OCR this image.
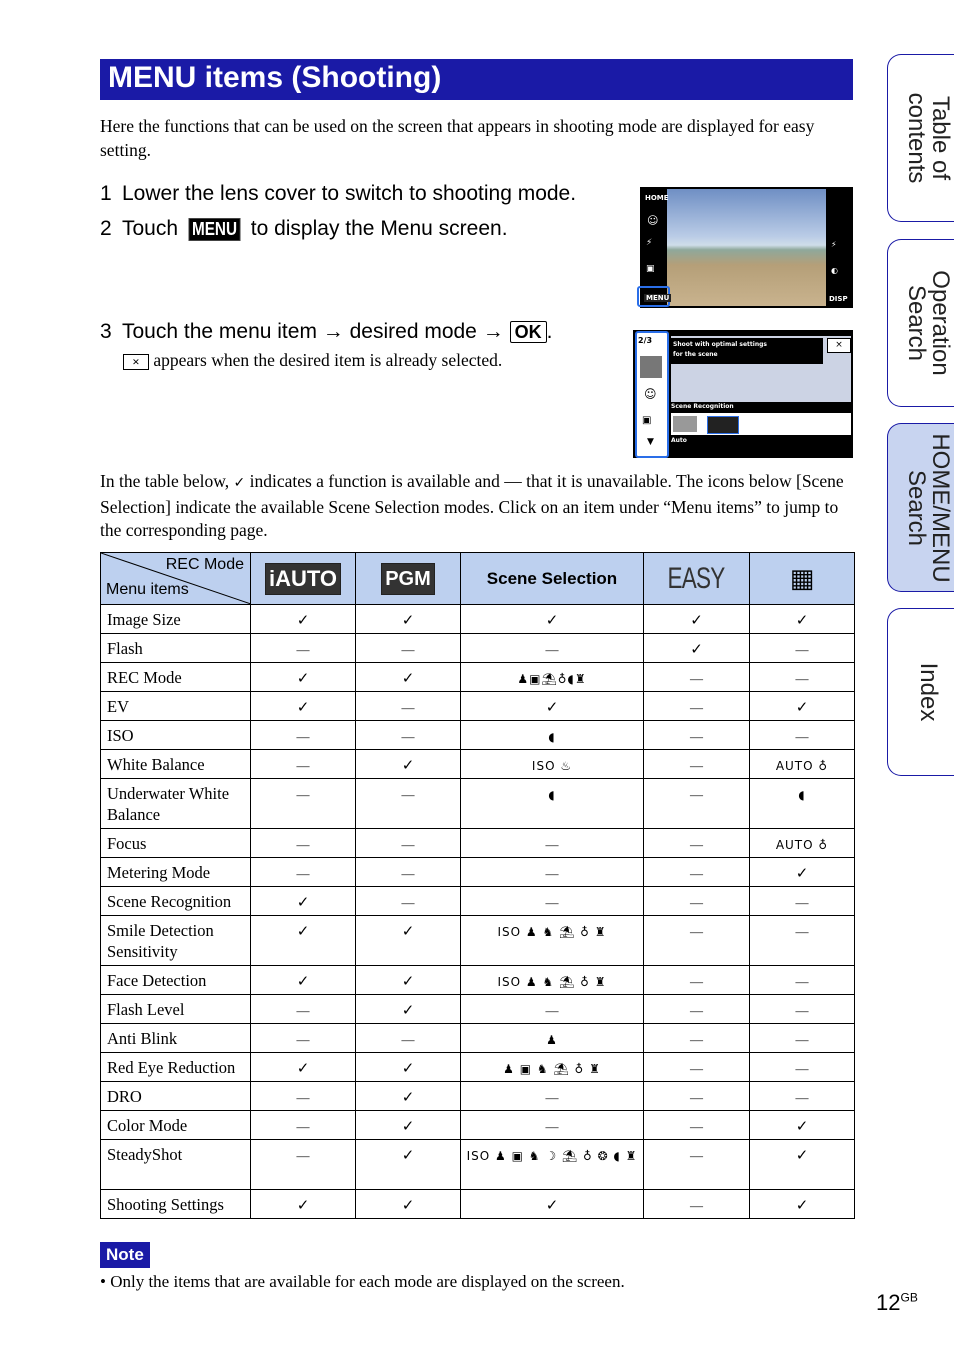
MENU items (Shooting)
Here the functions that can be used on the screen that appears in shooting mode are displayed for easy setting.
1 Lower the lens cover to switch to shooting mode.
2 Touch MENU to display the Menu screen.
3 Touch the menu item → desired mode → OK .
× appears when the desired item is already selected.
HOME
☺
⚡
▣
MENU	DISP
⚡
◐
2/3
☺
▣
▼
Shoot with optimal settings
for the scene
×
Scene Recognition
Auto
In the table below, ✓ indicates a function is available and — that it is unavailable. The icons below [Scene Selection] indicate the available Scene Selection modes. Click on an item under “Menu items” to jump to the corresponding page.
REC Mode
Menu items	iAUTO	PGM	Scene Selection	EASY	▦
Image Size	✓	✓	✓	✓	✓
Flash	—	—	—	✓	—
REC Mode	✓	✓	♟▣⛱♁◖♜	—	—
EV	✓	—	✓	—	✓
ISO	—	—	◖	—	—
White Balance	—	✓	ISO ♨	—	AUTO ♁
Underwater White Balance	—	—	◖	—	◖
Focus	—	—	—	—	AUTO ♁
Metering Mode	—	—	—	—	✓
Scene Recognition	✓	—	—	—	—
Smile Detection Sensitivity	✓	✓	ISO ♟ ♞ ⛱ ♁ ♜	—	—
Face Detection	✓	✓	ISO ♟ ♞ ⛱ ♁ ♜	—	—
Flash Level	—	✓	—	—	—
Anti Blink	—	—	♟	—	—
Red Eye Reduction	✓	✓	♟ ▣ ♞ ⛱ ♁ ♜	—	—
DRO	—	✓	—	—	—
Color Mode	—	✓	—	—	✓
SteadyShot	—	✓	ISO ♟ ▣ ♞ ☽ ⛱ ♁ ❂ ◖ ♜	—	✓
Shooting Settings	✓	✓	✓	—	✓
Note
• Only the items that are available for each mode are displayed on the screen.
$12^{GB}$
Table of
contents
Operation
Search
HOME/MENU
Search
Index
